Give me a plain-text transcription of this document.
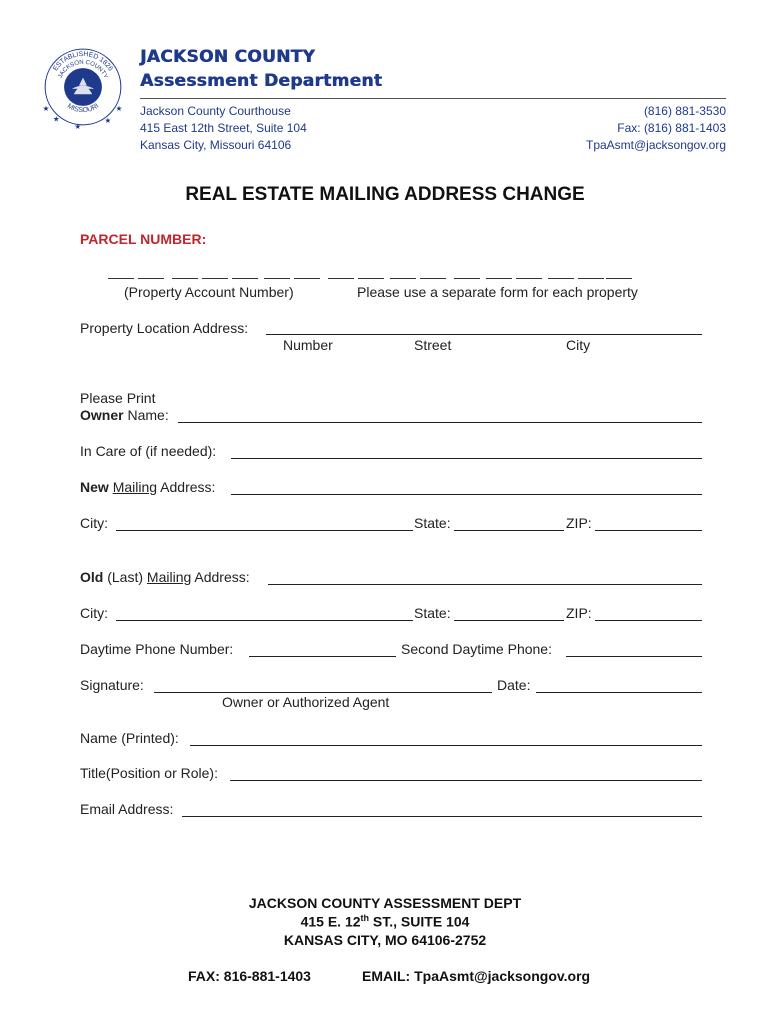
ESTABLISHED 1826
JACKSON COUNTY
MISSOURI
★
★
★
★
★
JACKSON COUNTY
Assessment Department
Jackson County Courthouse
415 East 12th Street, Suite 104
Kansas City, Missouri 64106
(816) 881-3530
Fax: (816) 881-1403
TpaAsmt@jacksongov.org
REAL ESTATE MAILING ADDRESS CHANGE
PARCEL NUMBER:
(Property Account Number)	Please use a separate form for each property
Property Location Address:
Number	Street	City
Please Print
Owner Name:
In Care of (if needed):
New Mailing Address:
City:	State:	ZIP:
Old (Last) Mailing Address:
City:	State:	ZIP:
Daytime Phone Number:	Second Daytime Phone:
Signature:	Date:
Owner or Authorized Agent
Name (Printed):
Title(Position or Role):
Email Address:
JACKSON COUNTY ASSESSMENT DEPT
415 E. 12th ST., SUITE 104
KANSAS CITY, MO 64106-2752
FAX: 816-881-1403	EMAIL: TpaAsmt@jacksongov.org
